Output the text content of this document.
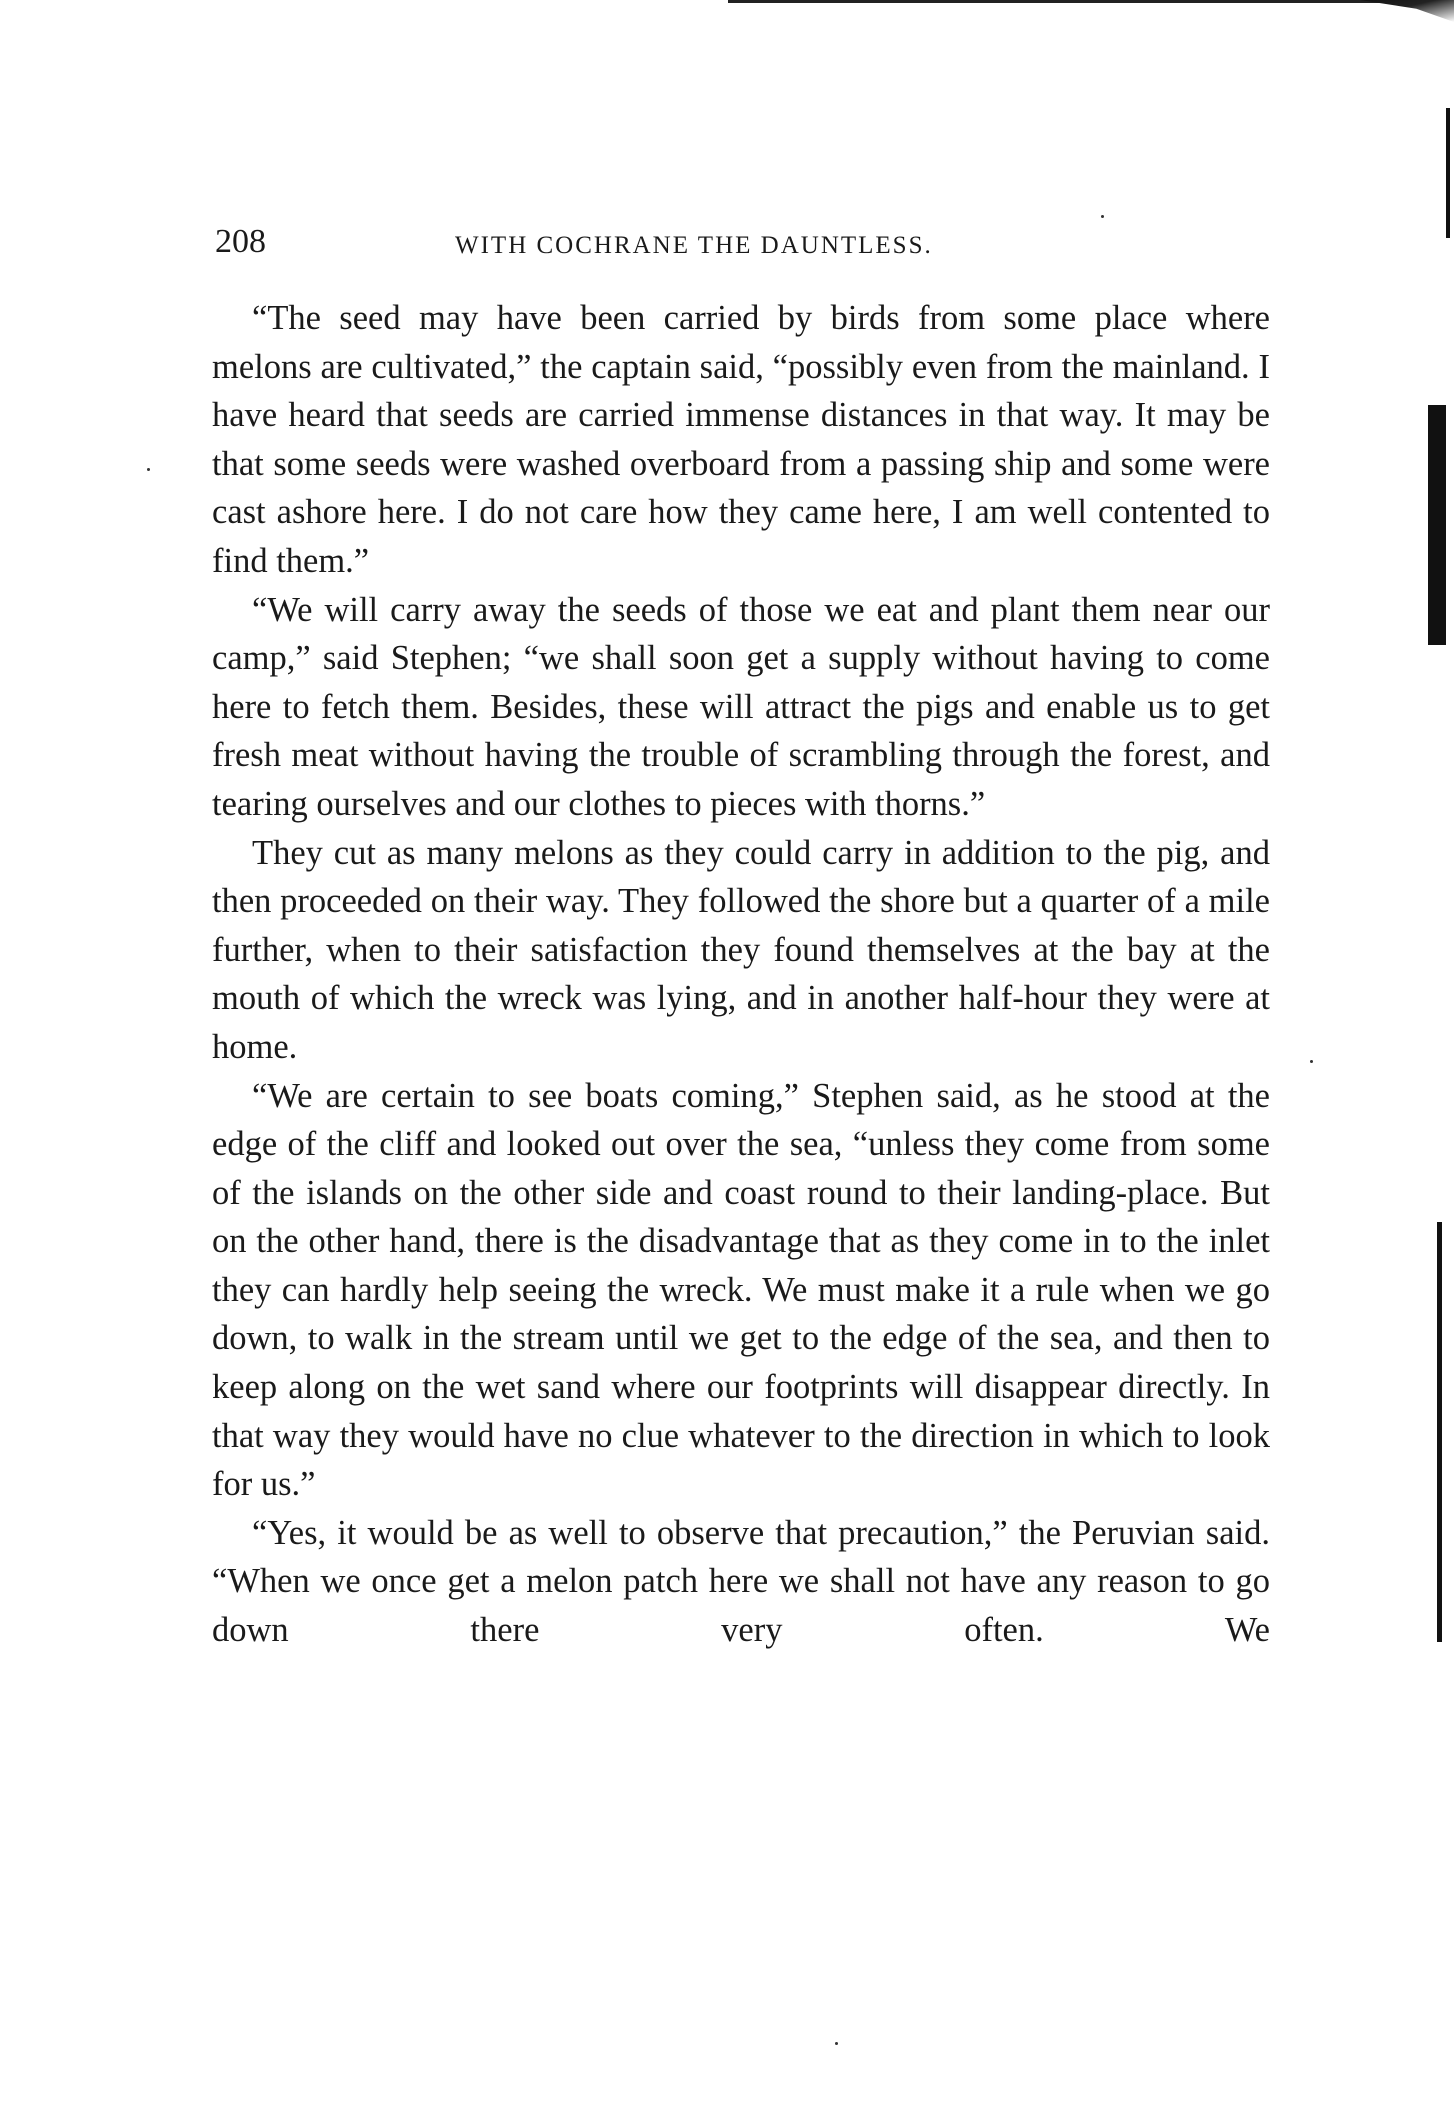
208	WITH COCHRANE THE DAUNTLESS.

“The seed may have been carried by birds from some place where melons are cultivated,” the captain said, “possibly even from the mainland. I have heard that seeds are carried immense distances in that way. It may be that some seeds were washed overboard from a passing ship and some were cast ashore here. I do not care how they came here, I am well contented to find them.”

“We will carry away the seeds of those we eat and plant them near our camp,” said Stephen; “we shall soon get a supply without having to come here to fetch them. Besides, these will attract the pigs and enable us to get fresh meat without having the trouble of scrambling through the forest, and tearing ourselves and our clothes to pieces with thorns.”

They cut as many melons as they could carry in addition to the pig, and then proceeded on their way. They followed the shore but a quarter of a mile further, when to their satisfaction they found themselves at the bay at the mouth of which the wreck was lying, and in another half-hour they were at home.

“We are certain to see boats coming,” Stephen said, as he stood at the edge of the cliff and looked out over the sea, “unless they come from some of the islands on the other side and coast round to their landing-place. But on the other hand, there is the disadvantage that as they come in to the inlet they can hardly help seeing the wreck. We must make it a rule when we go down, to walk in the stream until we get to the edge of the sea, and then to keep along on the wet sand where our footprints will disappear directly. In that way they would have no clue whatever to the direction in which to look for us.”

“Yes, it would be as well to observe that precaution,” the Peruvian said. “When we once get a melon patch here we shall not have any reason to go down there very often. We
